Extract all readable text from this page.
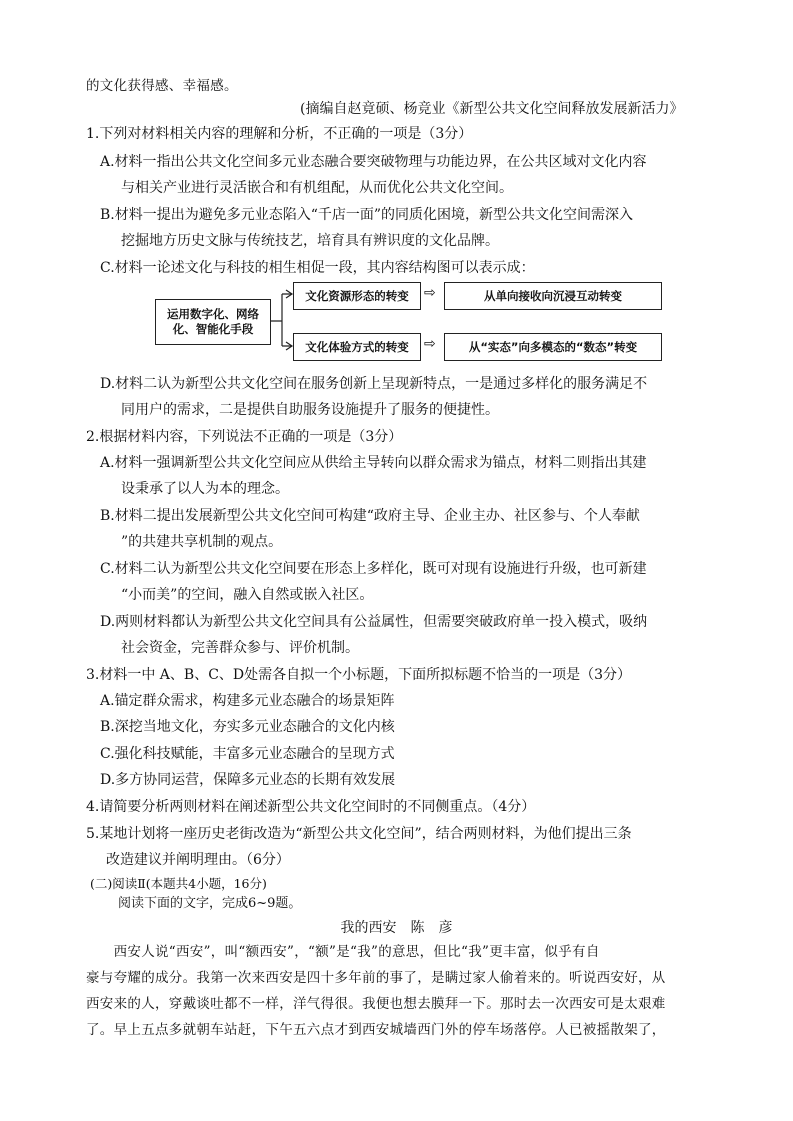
的文化获得感、幸福感。
(摘编自赵竟硕、杨竞业《新型公共文化空间释放发展新活力》
1.下列对材料相关内容的理解和分析，不正确的一项是（3分）
A.材料一指出公共文化空间多元业态融合要突破物理与功能边界，在公共区域对文化内容
与相关产业进行灵活嵌合和有机组配，从而优化公共文化空间。
B.材料一提出为避免多元业态陷入“千店一面”的同质化困境，新型公共文化空间需深入
挖掘地方历史文脉与传统技艺，培育具有辨识度的文化品牌。
C.材料一论述文化与科技的相生相促一段，其内容结构图可以表示成：
运用数字化、网络
化、智能化手段
文化资源形态的转变
文化体验方式的转变
⇨
⇨
从单向接收向沉浸互动转变
从“实态”向多模态的“数态”转变
D.材料二认为新型公共文化空间在服务创新上呈现新特点，一是通过多样化的服务满足不
同用户的需求，二是提供自助服务设施提升了服务的便捷性。
2.根据材料内容，下列说法不正确的一项是（3分）
A.材料一强调新型公共文化空间应从供给主导转向以群众需求为锚点，材料二则指出其建
设秉承了以人为本的理念。
B.材料二提出发展新型公共文化空间可构建“政府主导、企业主办、社区参与、个人奉献
”的共建共享机制的观点。
C.材料二认为新型公共文化空间要在形态上多样化，既可对现有设施进行升级，也可新建
“小而美”的空间，融入自然或嵌入社区。
D.两则材料都认为新型公共文化空间具有公益属性，但需要突破政府单一投入模式，吸纳
社会资金，完善群众参与、评价机制。
3.材料一中 A、B、C、D处需各自拟一个小标题，下面所拟标题不恰当的一项是（3分）
A.锚定群众需求，构建多元业态融合的场景矩阵
B.深挖当地文化，夯实多元业态融合的文化内核
C.强化科技赋能，丰富多元业态融合的呈现方式
D.多方协同运营，保障多元业态的长期有效发展
4.请简要分析两则材料在阐述新型公共文化空间时的不同侧重点。（4分）
5.某地计划将一座历史老街改造为“新型公共文化空间”，结合两则材料，为他们提出三条
改造建议并阐明理由。（6分）
(二)阅读Ⅱ(本题共4小题，16分)
阅读下面的文字，完成6~9题。
我的西安　陈　彦
　　西安人说“西安”，叫“额西安”，“额”是“我”的意思，但比“我”更丰富，似乎有自
豪与夸耀的成分。我第一次来西安是四十多年前的事了，是瞒过家人偷着来的。听说西安好，从
西安来的人，穿戴谈吐都不一样，洋气得很。我便也想去膜拜一下。那时去一次西安可是太艰难
了。早上五点多就朝车站赶，下午五六点才到西安城墙西门外的停车场落停。人已被摇散架了，
